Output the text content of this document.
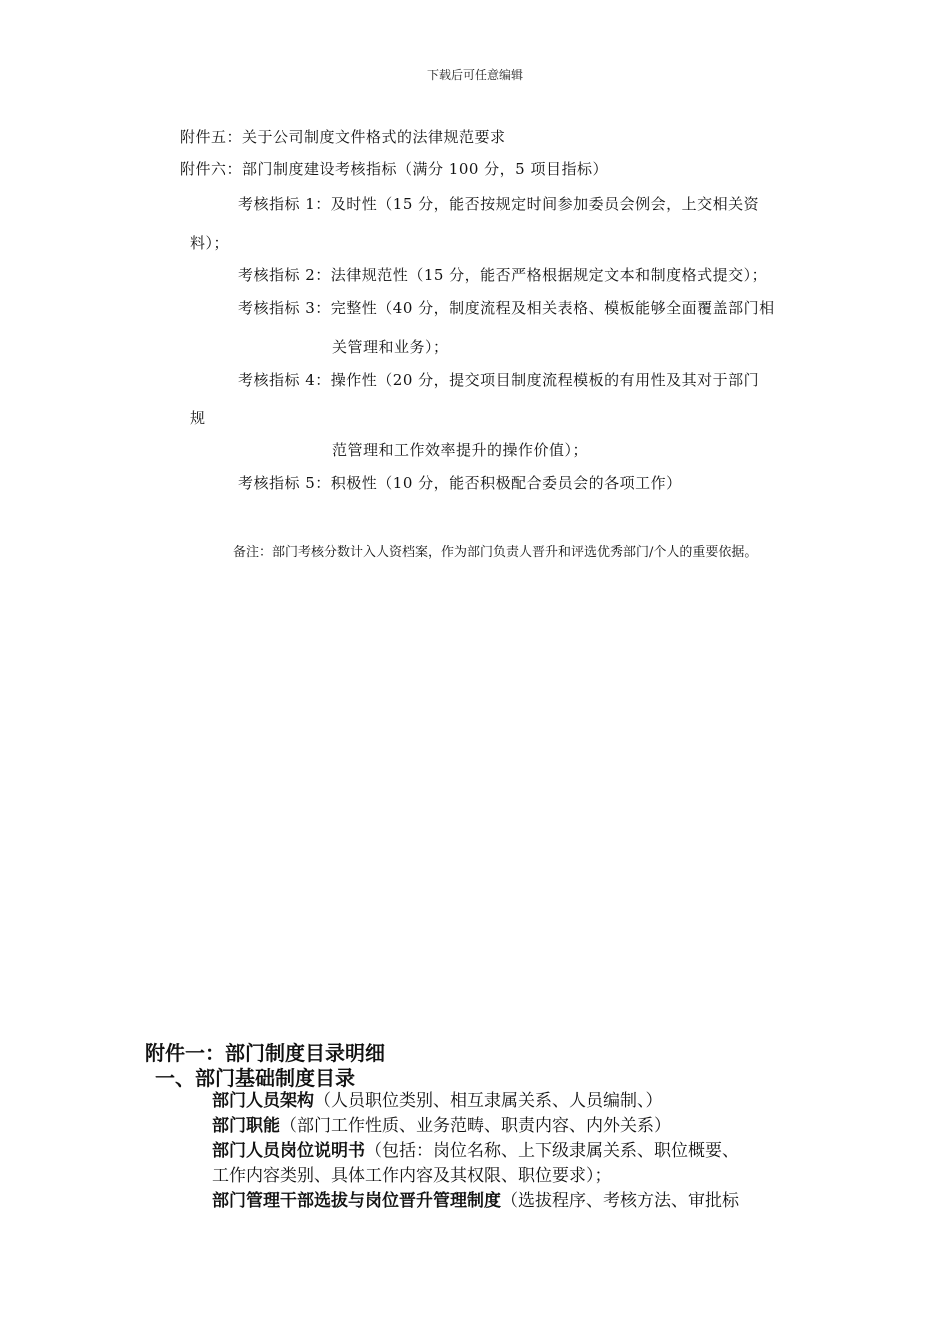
下载后可任意编辑
附件五：关于公司制度文件格式的法律规范要求
附件六：部门制度建设考核指标（满分 100 分，5 项目指标）
考核指标 1：及时性（15 分，能否按规定时间参加委员会例会，上交相关资
料）；
考核指标 2：法律规范性（15 分，能否严格根据规定文本和制度格式提交）；
考核指标 3：完整性（40 分，制度流程及相关表格、模板能够全面覆盖部门相
关管理和业务）；
考核指标 4：操作性（20 分，提交项目制度流程模板的有用性及其对于部门
规
范管理和工作效率提升的操作价值）；
考核指标 5：积极性（10 分，能否积极配合委员会的各项工作）
备注：部门考核分数计入人资档案，作为部门负责人晋升和评选优秀部门/个人的重要依据。
附件一：部门制度目录明细
一、部门基础制度目录
部门人员架构（人员职位类别、相互隶属关系、人员编制、）
部门职能（部门工作性质、业务范畴、职责内容、内外关系）
部门人员岗位说明书（包括：岗位名称、上下级隶属关系、职位概要、
工作内容类别、具体工作内容及其权限、职位要求）；
部门管理干部选拔与岗位晋升管理制度（选拔程序、考核方法、审批标
